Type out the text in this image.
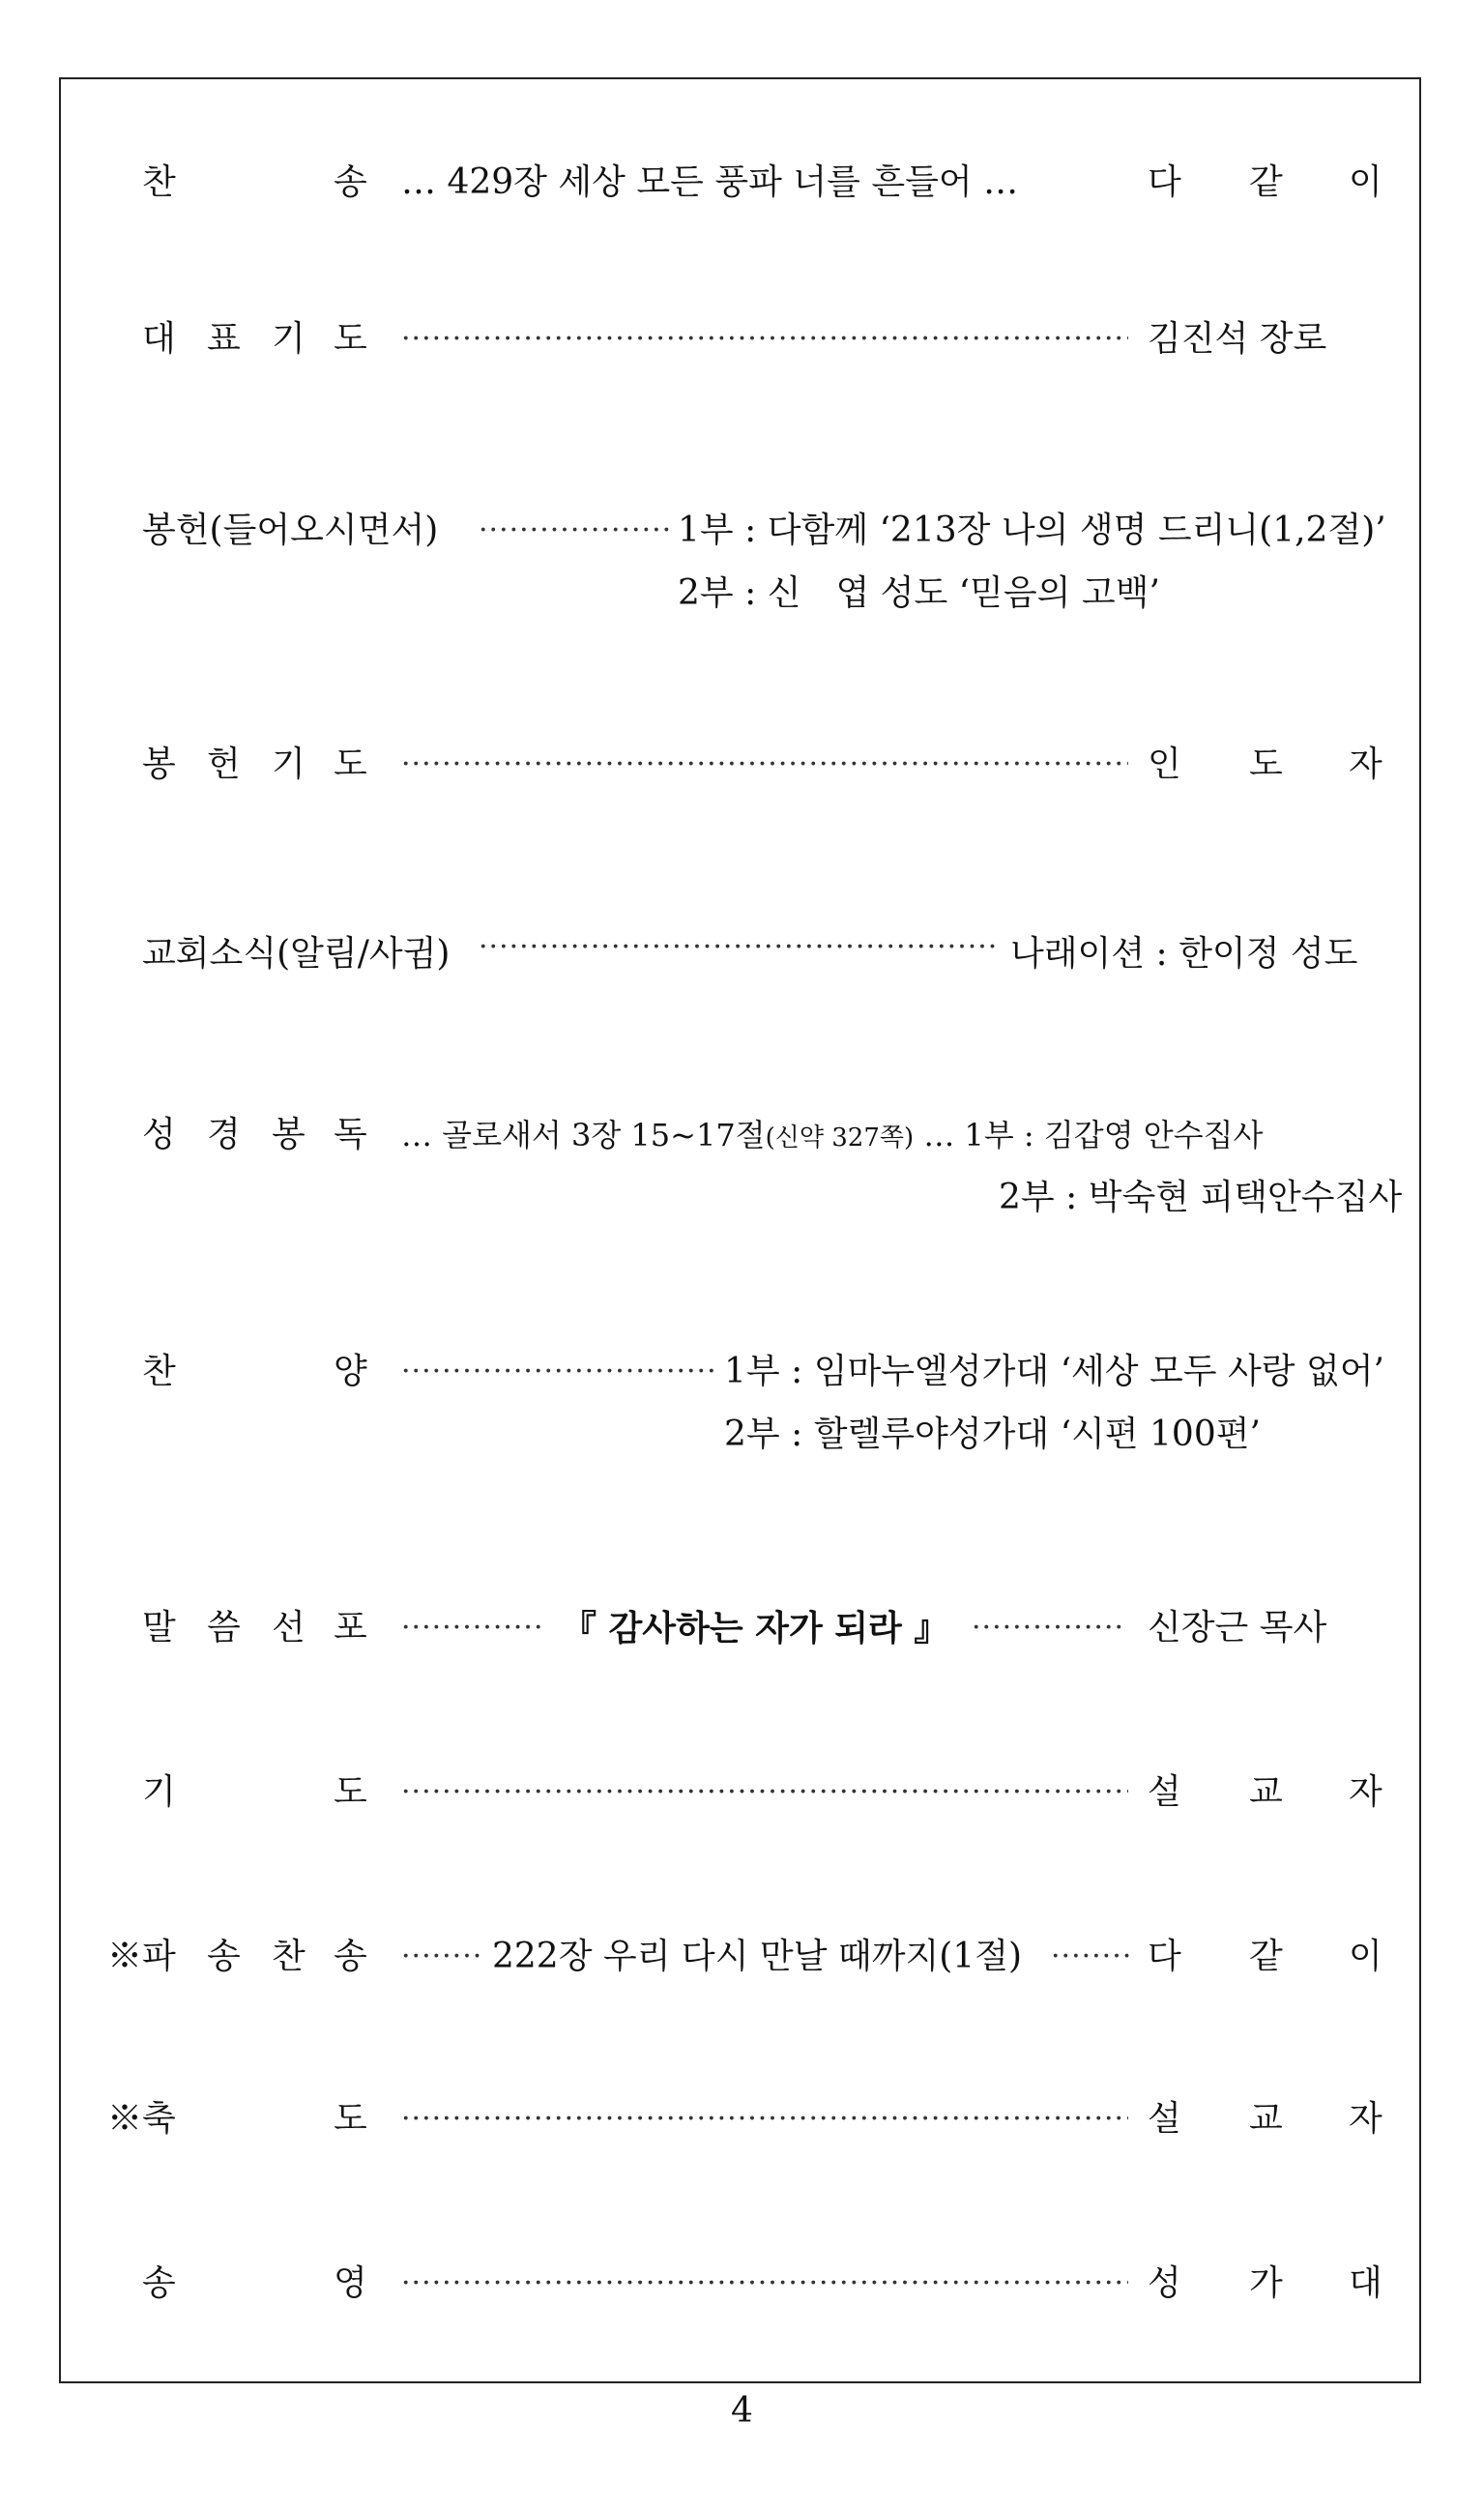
찬	송 … 429장 세상 모든 풍파 너를 흔들어 …	다 같 이
대 표 기 도 ·····	김진석 장로
봉헌(들어오시면서) ·····	1부 : 다함께 ‘213장 나의 생명 드리니(1,2절)’
2부 : 신　엽 성도 ‘믿음의 고백’
봉 헌 기 도 ·····	인 도 자
교회소식(알림/사귐) ·····	나래이션 : 한이정 성도
성 경 봉 독 … 골로새서 3장 15~17절(신약 327쪽) … 1부 : 김갑영 안수집사
2부 : 박숙현 피택안수집사
찬	양 ·····	1부 : 임마누엘성가대 ‘세상 모두 사랑 없어’
2부 : 할렐루야성가대 ‘시편 100편’
말 씀 선 포 ·····	『 감사하는 자가 되라 』 ·····	신장근 목사
기	도 ·····	설 교 자
※파 송 찬 송 ·····	222장 우리 다시 만날 때까지(1절) ·····	다 같 이
※축	도 ·····	설 교 자
송	영 ·····	성 가 대
4
